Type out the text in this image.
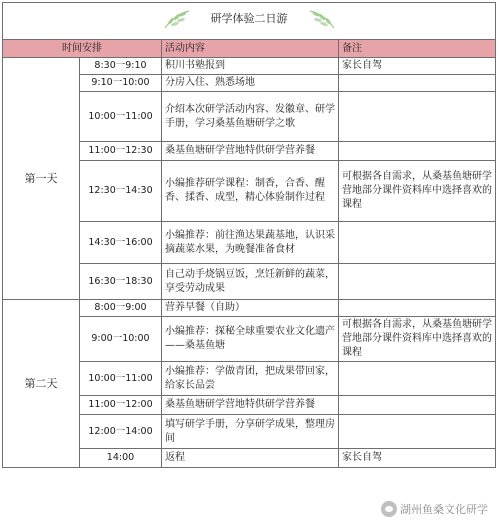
研学体验二日游			

时间安排		活动内容	备注
第一天	8:30一9:10	积川书塾报到	家长自驾
	9:10一10:00	分房入住、熟悉场地	
	10:00一11:00	介绍本次研学活动内容、发徽章、研学手册，学习桑基鱼塘研学之歌	
	11:00一12:30	桑基鱼塘研学营地特供研学营养餐	
	12:30一14:30	小编推荐研学课程：制香，合香、醒香、揉香、成型，精心体验制作过程	可根据各自需求，从桑基鱼塘研学营地部分课件资料库中选择喜欢的课程
	14:30一16:00	小编推荐：前往渔达果蔬基地，认识采摘蔬菜水果，为晚餐准备食材	
	16:30一18:30	自己动手烧锅豆饭，烹饪新鲜的蔬菜，享受劳动成果	
第二天	8:00一9:00	营养早餐（自助）	
	9:00一10:00	小编推荐：探秘全球重要农业文化遗产——桑基鱼塘	可根据各自需求，从桑基鱼塘研学营地部分课件资料库中选择喜欢的课程
	10:00一11:00	小编推荐：学做青团，把成果带回家，给家长品尝	
	11:00一12:00	桑基鱼塘研学营地特供研学营养餐	
	12:00一14:00	填写研学手册，分享研学成果，整理房间	
	14:00	返程	家长自驾
湖州鱼桑文化研学
